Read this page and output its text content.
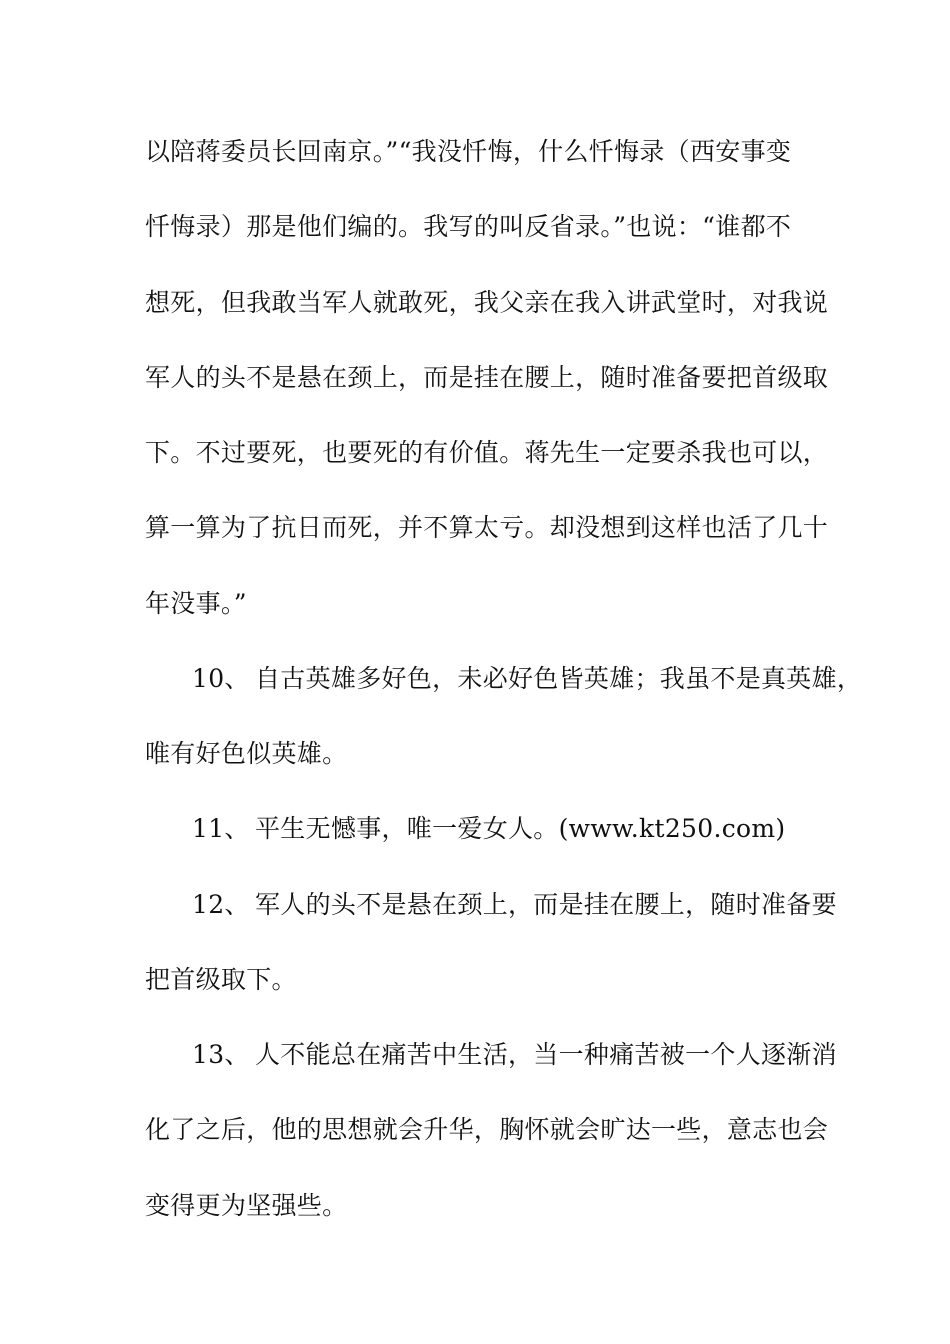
以陪蒋委员长回南京。”“我没忏悔，什么忏悔录（西安事变
忏悔录）那是他们编的。我写的叫反省录。”也说：“谁都不
想死，但我敢当军人就敢死，我父亲在我入讲武堂时，对我说
军人的头不是悬在颈上，而是挂在腰上，随时准备要把首级取
下。不过要死，也要死的有价值。蒋先生一定要杀我也可以，
算一算为了抗日而死，并不算太亏。却没想到这样也活了几十
年没事。”
10、 自古英雄多好色，未必好色皆英雄；我虽不是真英雄，
唯有好色似英雄。
11、 平生无憾事，唯一爱女人。(www.kt250.com)
12、 军人的头不是悬在颈上，而是挂在腰上，随时准备要
把首级取下。
13、 人不能总在痛苦中生活，当一种痛苦被一个人逐渐消
化了之后，他的思想就会升华，胸怀就会旷达一些，意志也会
变得更为坚强些。
